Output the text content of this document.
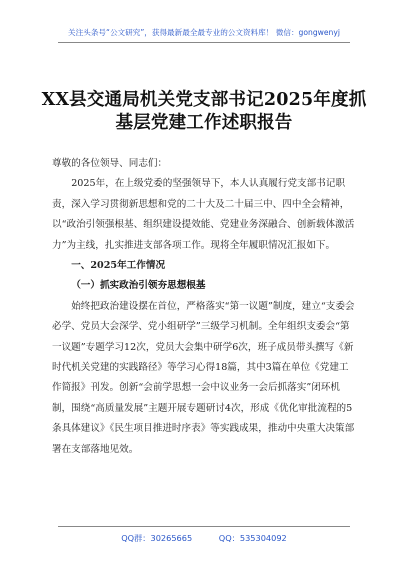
关注头条号“公文研究”，获得最新最全最专业的公文资料库！ 微信：gongwenyj
XX县交通局机关党支部书记2025年度抓
基层党建工作述职报告

尊敬的各位领导、同志们：

2025年，在上级党委的坚强领导下，本人认真履行党支部书记职责，深入学习贯彻新思想和党的二十大及二十届三中、四中全会精神，以“政治引领强根基、组织建设提效能、党建业务深融合、创新载体激活力”为主线，扎实推进支部各项工作。现将全年履职情况汇报如下。

一、2025年工作情况

（一）抓实政治引领夯思想根基

始终把政治建设摆在首位，严格落实“第一议题”制度，建立“支委会必学、党员大会深学、党小组研学”三级学习机制。全年组织支委会“第一议题”专题学习12次，党员大会集中研学6次，班子成员带头撰写《新时代机关党建的实践路径》等学习心得18篇，其中3篇在单位《党建工作简报》刊发。创新“会前学思想一会中议业务一会后抓落实”闭环机制，围绕“高质量发展”主题开展专题研讨4次，形成《优化审批流程的5条具体建议》《民生项目推进时序表》等实践成果，推动中央重大决策部署在支部落地见效。

QQ群：30265665	QQ：535304092
